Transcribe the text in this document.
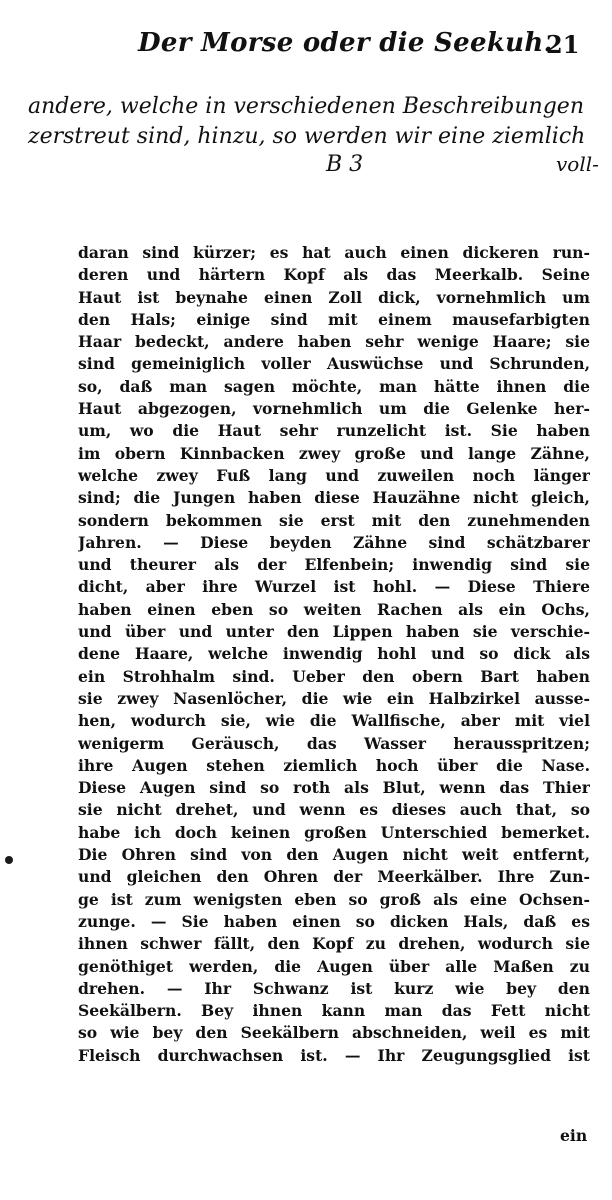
Der Morse oder die Seekuh.
21
andere, welche in verschiedenen Beschreibungen
zerstreut sind, hinzu, so werden wir eine ziemlich
B 3	voll-
daran sind kürzer; es hat auch einen dickeren run-
deren und härtern Kopf als das Meerkalb. Seine
Haut ist beynahe einen Zoll dick, vornehmlich um
den Hals; einige sind mit einem mausefarbigten
Haar bedeckt, andere haben sehr wenige Haare; sie
sind gemeiniglich voller Auswüchse und Schrunden,
so, daß man sagen möchte, man hätte ihnen die
Haut abgezogen, vornehmlich um die Gelenke her-
um, wo die Haut sehr runzelicht ist. Sie haben
im obern Kinnbacken zwey große und lange Zähne,
welche zwey Fuß lang und zuweilen noch länger
sind; die Jungen haben diese Hauzähne nicht gleich,
sondern bekommen sie erst mit den zunehmenden
Jahren. — Diese beyden Zähne sind schätzbarer
und theurer als der Elfenbein; inwendig sind sie
dicht, aber ihre Wurzel ist hohl. — Diese Thiere
haben einen eben so weiten Rachen als ein Ochs,
und über und unter den Lippen haben sie verschie-
dene Haare, welche inwendig hohl und so dick als
ein Strohhalm sind. Ueber den obern Bart haben
sie zwey Nasenlöcher, die wie ein Halbzirkel ausse-
hen, wodurch sie, wie die Wallfische, aber mit viel
wenigerm Geräusch, das Wasser herausspritzen;
ihre Augen stehen ziemlich hoch über die Nase.
Diese Augen sind so roth als Blut, wenn das Thier
sie nicht drehet, und wenn es dieses auch that, so
habe ich doch keinen großen Unterschied bemerket.
Die Ohren sind von den Augen nicht weit entfernt,
und gleichen den Ohren der Meerkälber. Ihre Zun-
ge ist zum wenigsten eben so groß als eine Ochsen-
zunge. — Sie haben einen so dicken Hals, daß es
ihnen schwer fällt, den Kopf zu drehen, wodurch sie
genöthiget werden, die Augen über alle Maßen zu
drehen. — Ihr Schwanz ist kurz wie bey den
Seekälbern. Bey ihnen kann man das Fett nicht
so wie bey den Seekälbern abschneiden, weil es mit
Fleisch durchwachsen ist. — Ihr Zeugungsglied ist
ein
